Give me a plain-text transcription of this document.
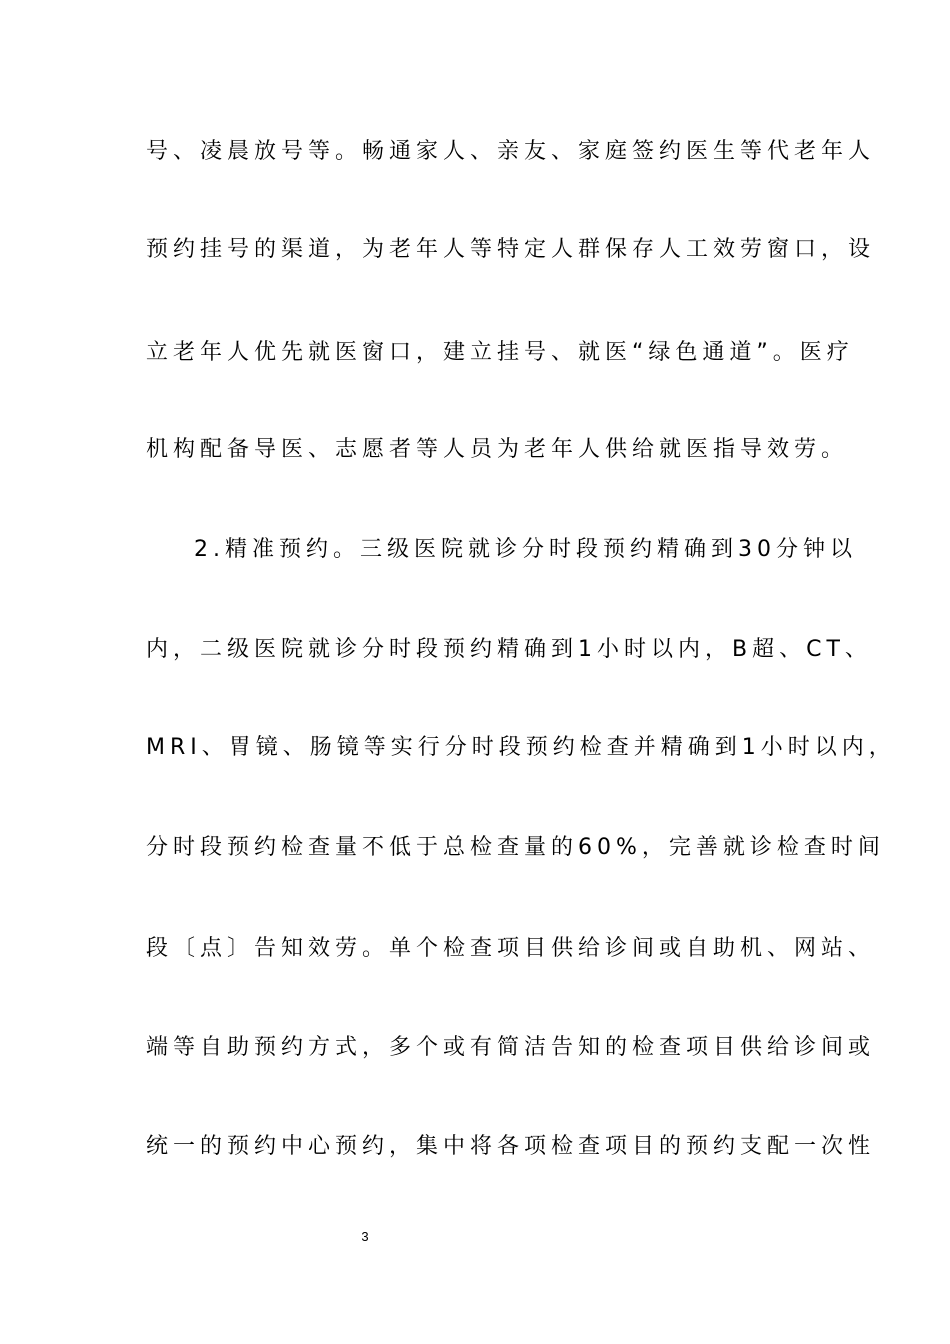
号、凌晨放号等。畅通家人、亲友、家庭签约医生等代老年人
预约挂号的渠道，为老年人等特定人群保存人工效劳窗口，设
立老年人优先就医窗口，建立挂号、就医“绿色通道”。医疗
机构配备导医、志愿者等人员为老年人供给就医指导效劳。
2.精准预约。三级医院就诊分时段预约精确到30分钟以
内，二级医院就诊分时段预约精确到1小时以内，B超、CT、
MRI、胃镜、肠镜等实行分时段预约检查并精确到1小时以内，
分时段预约检查量不低于总检查量的60%，完善就诊检查时间
段〔点〕告知效劳。单个检查项目供给诊间或自助机、网站、
端等自助预约方式，多个或有简洁告知的检查项目供给诊间或
统一的预约中心预约，集中将各项检查项目的预约支配一次性
3
